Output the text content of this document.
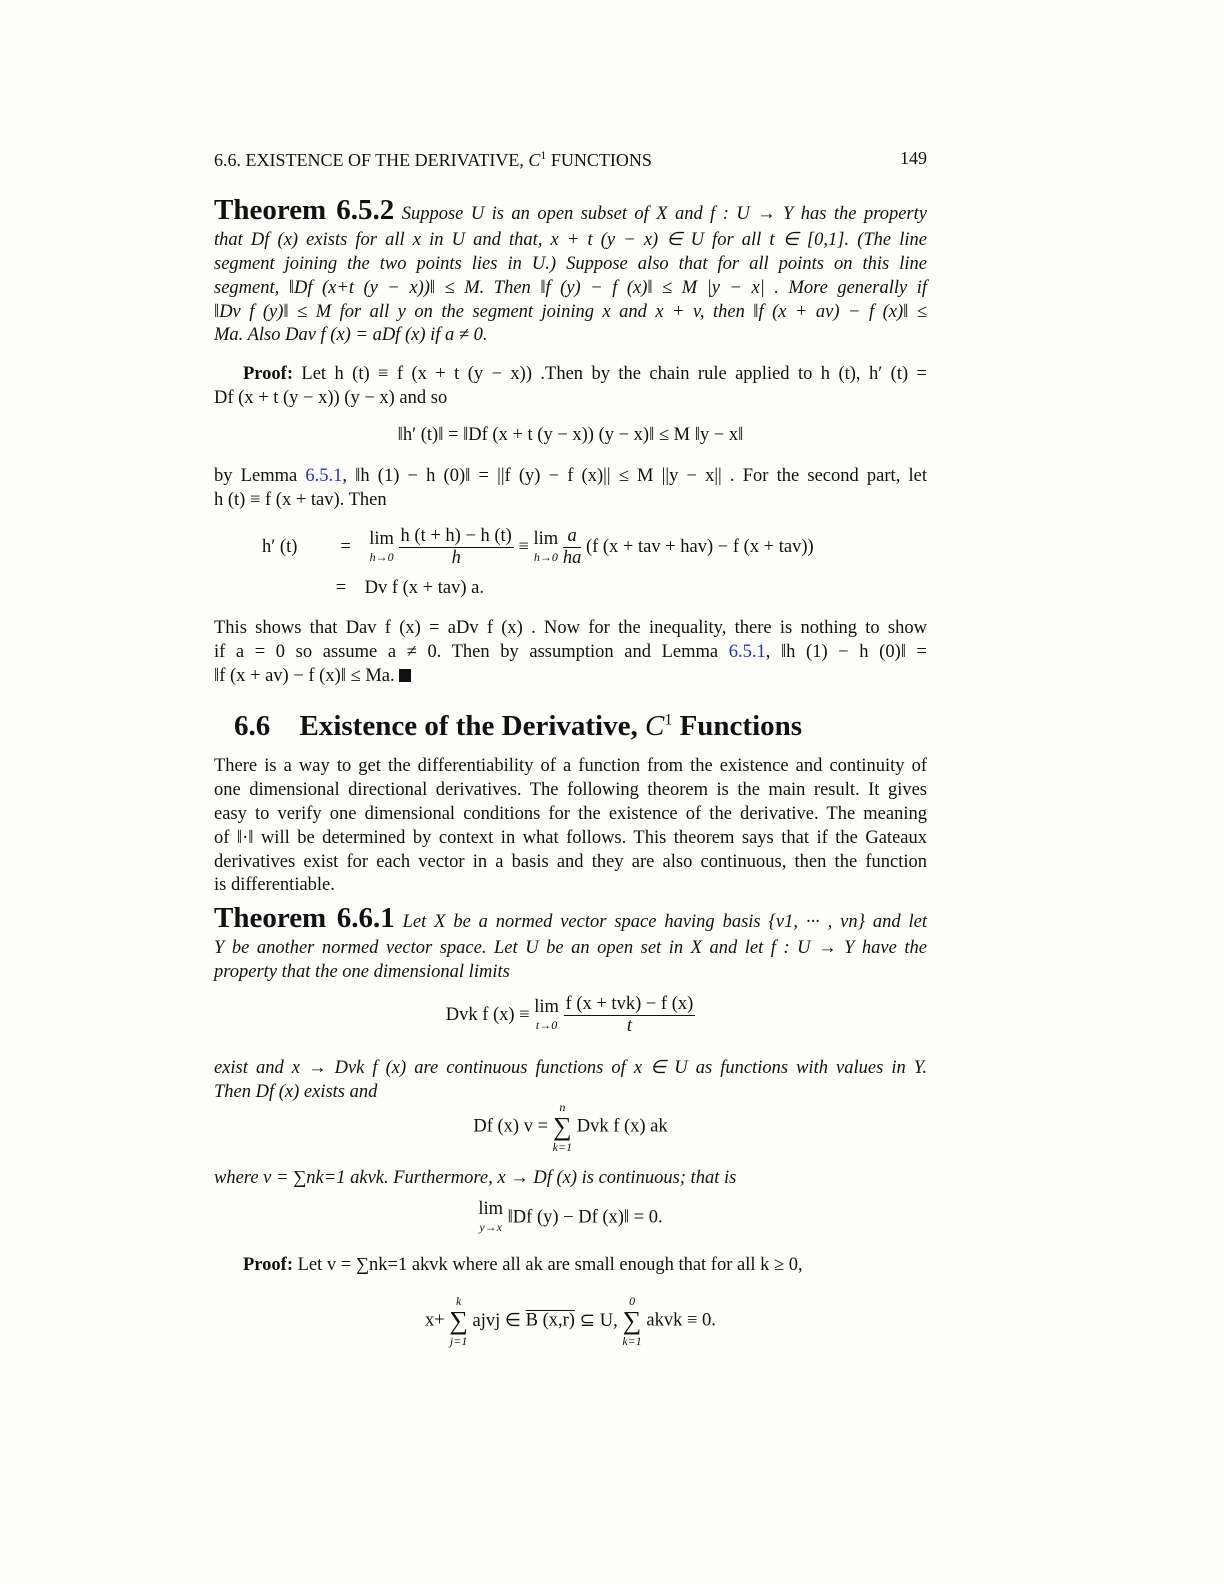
6.6. EXISTENCE OF THE DERIVATIVE, $C^1$ FUNCTIONS	149
Theorem 6.5.2 Suppose U is an open subset of X and f : U → Y has the property
that Df (x) exists for all x in U and that, x + t (y − x) ∈ U for all t ∈ [0,1]. (The line
segment joining the two points lies in U.) Suppose also that for all points on this line
segment, ‖Df (x+t (y − x))‖ ≤ M. Then ‖f (y) − f (x)‖ ≤ M |y − x| . More generally if
‖Dv f (y)‖ ≤ M for all y on the segment joining x and x + v, then ‖f (x + av) − f (x)‖ ≤
Ma. Also Dav f (x) = aDf (x) if a ≠ 0.
Proof: Let h (t) ≡ f (x + t (y − x)) .Then by the chain rule applied to h (t), h′ (t) =
Df (x + t (y − x)) (y − x) and so
‖h′ (t)‖ = ‖Df (x + t (y − x)) (y − x)‖ ≤ M ‖y − x‖
by Lemma 6.5.1, ‖h (1) − h (0)‖ = ||f (y) − f (x)|| ≤ M ||y − x|| . For the second part, let
h (t) ≡ f (x + tav). Then
h′ (t) = lim
h→0
$\frac{h (t + h) - h (t)}{h} \equiv \lim$
h→0
$\frac{a}{ha} (f$ (x + tav + hav) − f (x + tav))
= Dv f (x + tav) a.
This shows that Dav f (x) = aDv f (x) . Now for the inequality, there is nothing to show
if a = 0 so assume a ≠ 0. Then by assumption and Lemma 6.5.1, ‖h (1) − h (0)‖ =
‖f (x + av) − f (x)‖ ≤ Ma.
6.6 Existence of the Derivative, $C^1$ Functions
There is a way to get the differentiability of a function from the existence and continuity of
one dimensional directional derivatives. The following theorem is the main result. It gives
easy to verify one dimensional conditions for the existence of the derivative. The meaning
of ‖·‖ will be determined by context in what follows. This theorem says that if the Gateaux
derivatives exist for each vector in a basis and they are also continuous, then the function
is differentiable.
Theorem 6.6.1 Let X be a normed vector space having basis {v1, ··· , vn} and let
Y be another normed vector space. Let U be an open set in X and let f : U → Y have the
property that the one dimensional limits
Dvk f (x) ≡ lim
t→0
$\frac{\text{f (x + tvk) − f (x)}}{t}$
exist and x → Dvk f (x) are continuous functions of x ∈ U as functions with values in Y.
Then Df (x) exists and
Df (x) v =
n
∑
k=1
Dvk f (x) ak
where v = ∑nk=1 akvk. Furthermore, x → Df (x) is continuous; that is
lim
y→x ‖Df (y) − Df (x)‖ = 0.
Proof: Let v = ∑nk=1 akvk where all ak are small enough that for all k ≥ 0,
x+
k
∑
j=1
ajvj ∈ B (x,r) ⊆ U,
0
∑
k=1
akvk ≡ 0.
